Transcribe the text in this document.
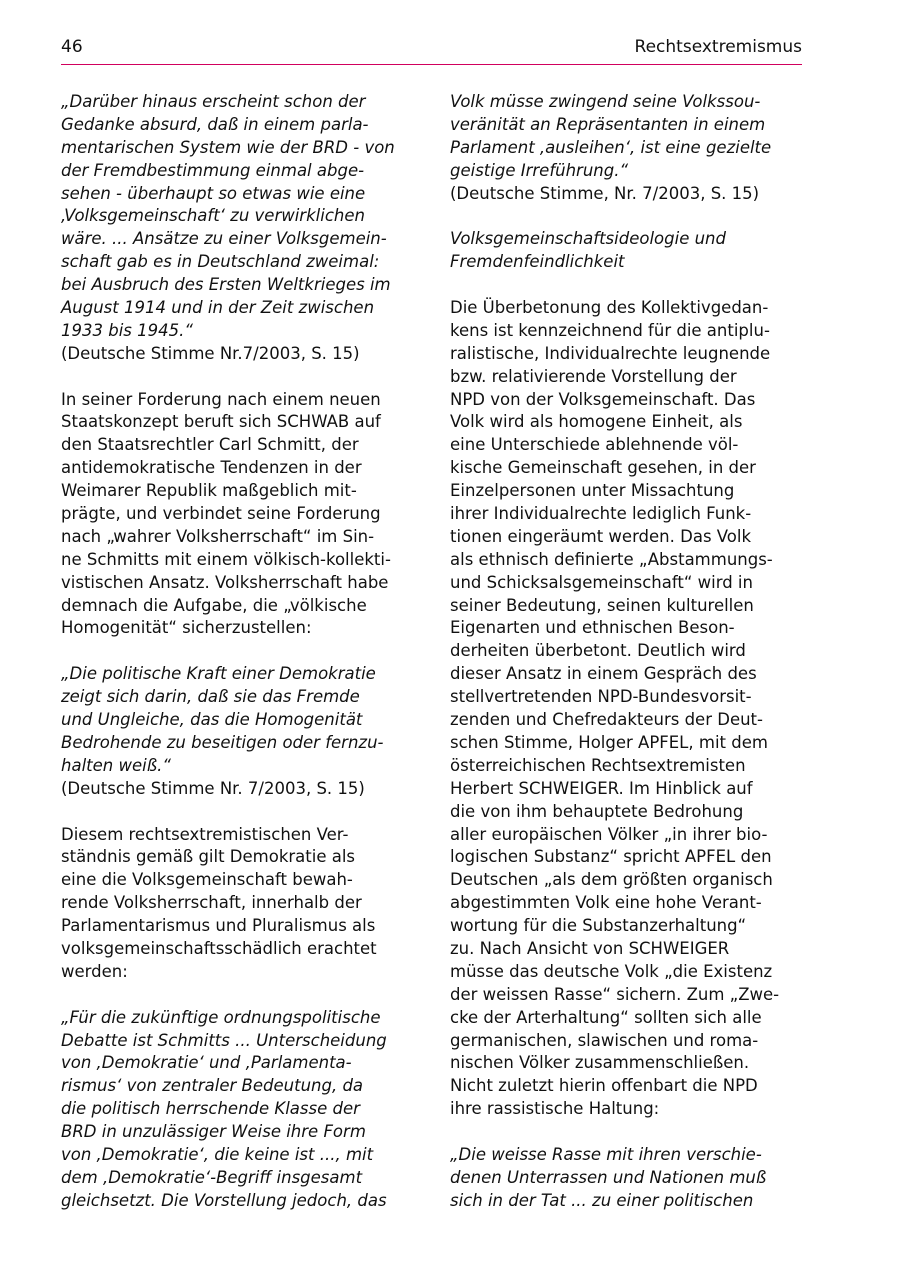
46	Rechtsextremismus
„Darüber hinaus erscheint schon der
Gedanke absurd, daß in einem parla-
mentarischen System wie der BRD - von
der Fremdbestimmung einmal abge-
sehen - überhaupt so etwas wie eine
‚Volksgemeinschaft‘ zu verwirklichen
wäre. ... Ansätze zu einer Volksgemein-
schaft gab es in Deutschland zweimal:
bei Ausbruch des Ersten Weltkrieges im
August 1914 und in der Zeit zwischen
1933 bis 1945.“
(Deutsche Stimme Nr.7/2003, S. 15)
In seiner Forderung nach einem neuen
Staatskonzept beruft sich SCHWAB auf
den Staatsrechtler Carl Schmitt, der
antidemokratische Tendenzen in der
Weimarer Republik maßgeblich mit-
prägte, und verbindet seine Forderung
nach „wahrer Volksherrschaft“ im Sin-
ne Schmitts mit einem völkisch-kollekti-
vistischen Ansatz. Volksherrschaft habe
demnach die Aufgabe, die „völkische
Homogenität“ sicherzustellen:
„Die politische Kraft einer Demokratie
zeigt sich darin, daß sie das Fremde
und Ungleiche, das die Homogenität
Bedrohende zu beseitigen oder fernzu-
halten weiß.“
(Deutsche Stimme Nr. 7/2003, S. 15)
Diesem rechtsextremistischen Ver-
ständnis gemäß gilt Demokratie als
eine die Volksgemeinschaft bewah-
rende Volksherrschaft, innerhalb der
Parlamentarismus und Pluralismus als
volksgemeinschaftsschädlich erachtet
werden:
„Für die zukünftige ordnungspolitische
Debatte ist Schmitts ... Unterscheidung
von ‚Demokratie‘ und ‚Parlamenta-
rismus‘ von zentraler Bedeutung, da
die politisch herrschende Klasse der
BRD in unzulässiger Weise ihre Form
von ‚Demokratie‘, die keine ist ..., mit
dem ‚Demokratie‘-Begriff insgesamt
gleichsetzt. Die Vorstellung jedoch, das
Volk müsse zwingend seine Volkssou-
veränität an Repräsentanten in einem
Parlament ‚ausleihen‘, ist eine gezielte
geistige Irreführung.“
(Deutsche Stimme, Nr. 7/2003, S. 15)
Volksgemeinschaftsideologie und
Fremdenfeindlichkeit
Die Überbetonung des Kollektivgedan-
kens ist kennzeichnend für die antiplu-
ralistische, Individualrechte leugnende
bzw. relativierende Vorstellung der
NPD von der Volksgemeinschaft. Das
Volk wird als homogene Einheit, als
eine Unterschiede ablehnende völ-
kische Gemeinschaft gesehen, in der
Einzelpersonen unter Missachtung
ihrer Individualrechte lediglich Funk-
tionen eingeräumt werden. Das Volk
als ethnisch definierte „Abstammungs-
und Schicksalsgemeinschaft“ wird in
seiner Bedeutung, seinen kulturellen
Eigenarten und ethnischen Beson-
derheiten überbetont. Deutlich wird
dieser Ansatz in einem Gespräch des
stellvertretenden NPD-Bundesvorsit-
zenden und Chefredakteurs der Deut-
schen Stimme, Holger APFEL, mit dem
österreichischen Rechtsextremisten
Herbert SCHWEIGER. Im Hinblick auf
die von ihm behauptete Bedrohung
aller europäischen Völker „in ihrer bio-
logischen Substanz“ spricht APFEL den
Deutschen „als dem größten organisch
abgestimmten Volk eine hohe Verant-
wortung für die Substanzerhaltung“
zu. Nach Ansicht von SCHWEIGER
müsse das deutsche Volk „die Existenz
der weissen Rasse“ sichern. Zum „Zwe-
cke der Arterhaltung“ sollten sich alle
germanischen, slawischen und roma-
nischen Völker zusammenschließen.
Nicht zuletzt hierin offenbart die NPD
ihre rassistische Haltung:
„Die weisse Rasse mit ihren verschie-
denen Unterrassen und Nationen muß
sich in der Tat ... zu einer politischen
